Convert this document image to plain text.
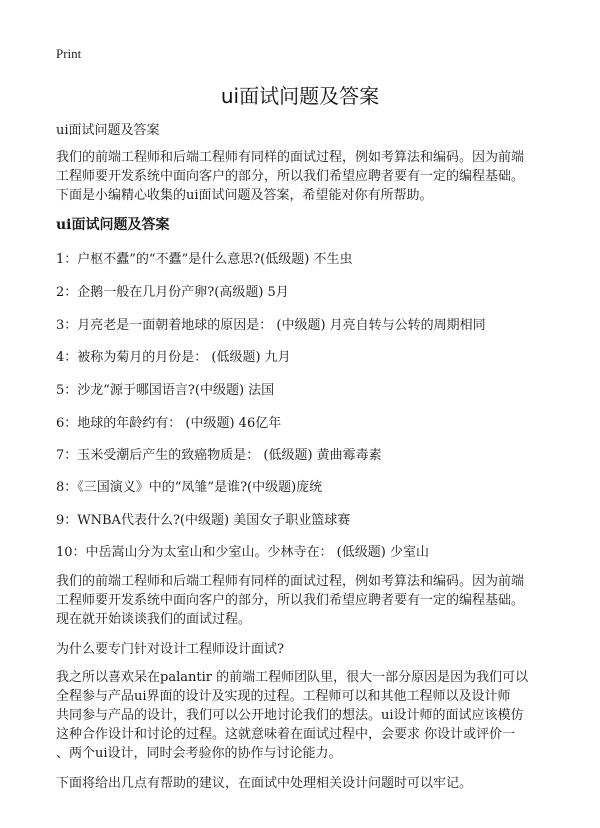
Print
ui面试问题及答案
ui面试问题及答案
我们的前端工程师和后端工程师有同样的面试过程，例如考算法和编码。因为前端
工程师要开发系统中面向客户的部分，所以我们希望应聘者要有一定的编程基础。
下面是小编精心收集的ui面试问题及答案，希望能对你有所帮助。
ui面试问题及答案
1：户枢不蠹”的“不蠹”是什么意思?(低级题) 不生虫
2：企鹅一般在几月份产卵?(高级题) 5月
3：月亮老是一面朝着地球的原因是： (中级题) 月亮自转与公转的周期相同
4：被称为菊月的月份是： (低级题) 九月
5：沙龙”源于哪国语言?(中级题) 法国
6：地球的年龄约有： (中级题) 46亿年
7：玉米受潮后产生的致癌物质是： (低级题) 黄曲霉毒素
8：《三国演义》中的“凤雏”是谁?(中级题)庞统
9：WNBA代表什么?(中级题) 美国女子职业篮球赛
10：中岳嵩山分为太室山和少室山。少林寺在： (低级题) 少室山
我们的前端工程师和后端工程师有同样的面试过程，例如考算法和编码。因为前端
工程师要开发系统中面向客户的部分，所以我们希望应聘者要有一定的编程基础。
现在就开始谈谈我们的面试过程。
为什么要专门针对设计工程师设计面试?
我之所以喜欢呆在palantir 的前端工程师团队里，很大一部分原因是因为我们可以
全程参与产品ui界面的设计及实现的过程。工程师可以和其他工程师以及设计师
共同参与产品的设计，我们可以公开地讨论我们的想法。ui设计师的面试应该模仿
这种合作设计和讨论的过程。这就意味着在面试过程中，会要求 你设计或评价一
、两个ui设计，同时会考验你的协作与讨论能力。
下面将给出几点有帮助的建议，在面试中处理相关设计问题时可以牢记。
